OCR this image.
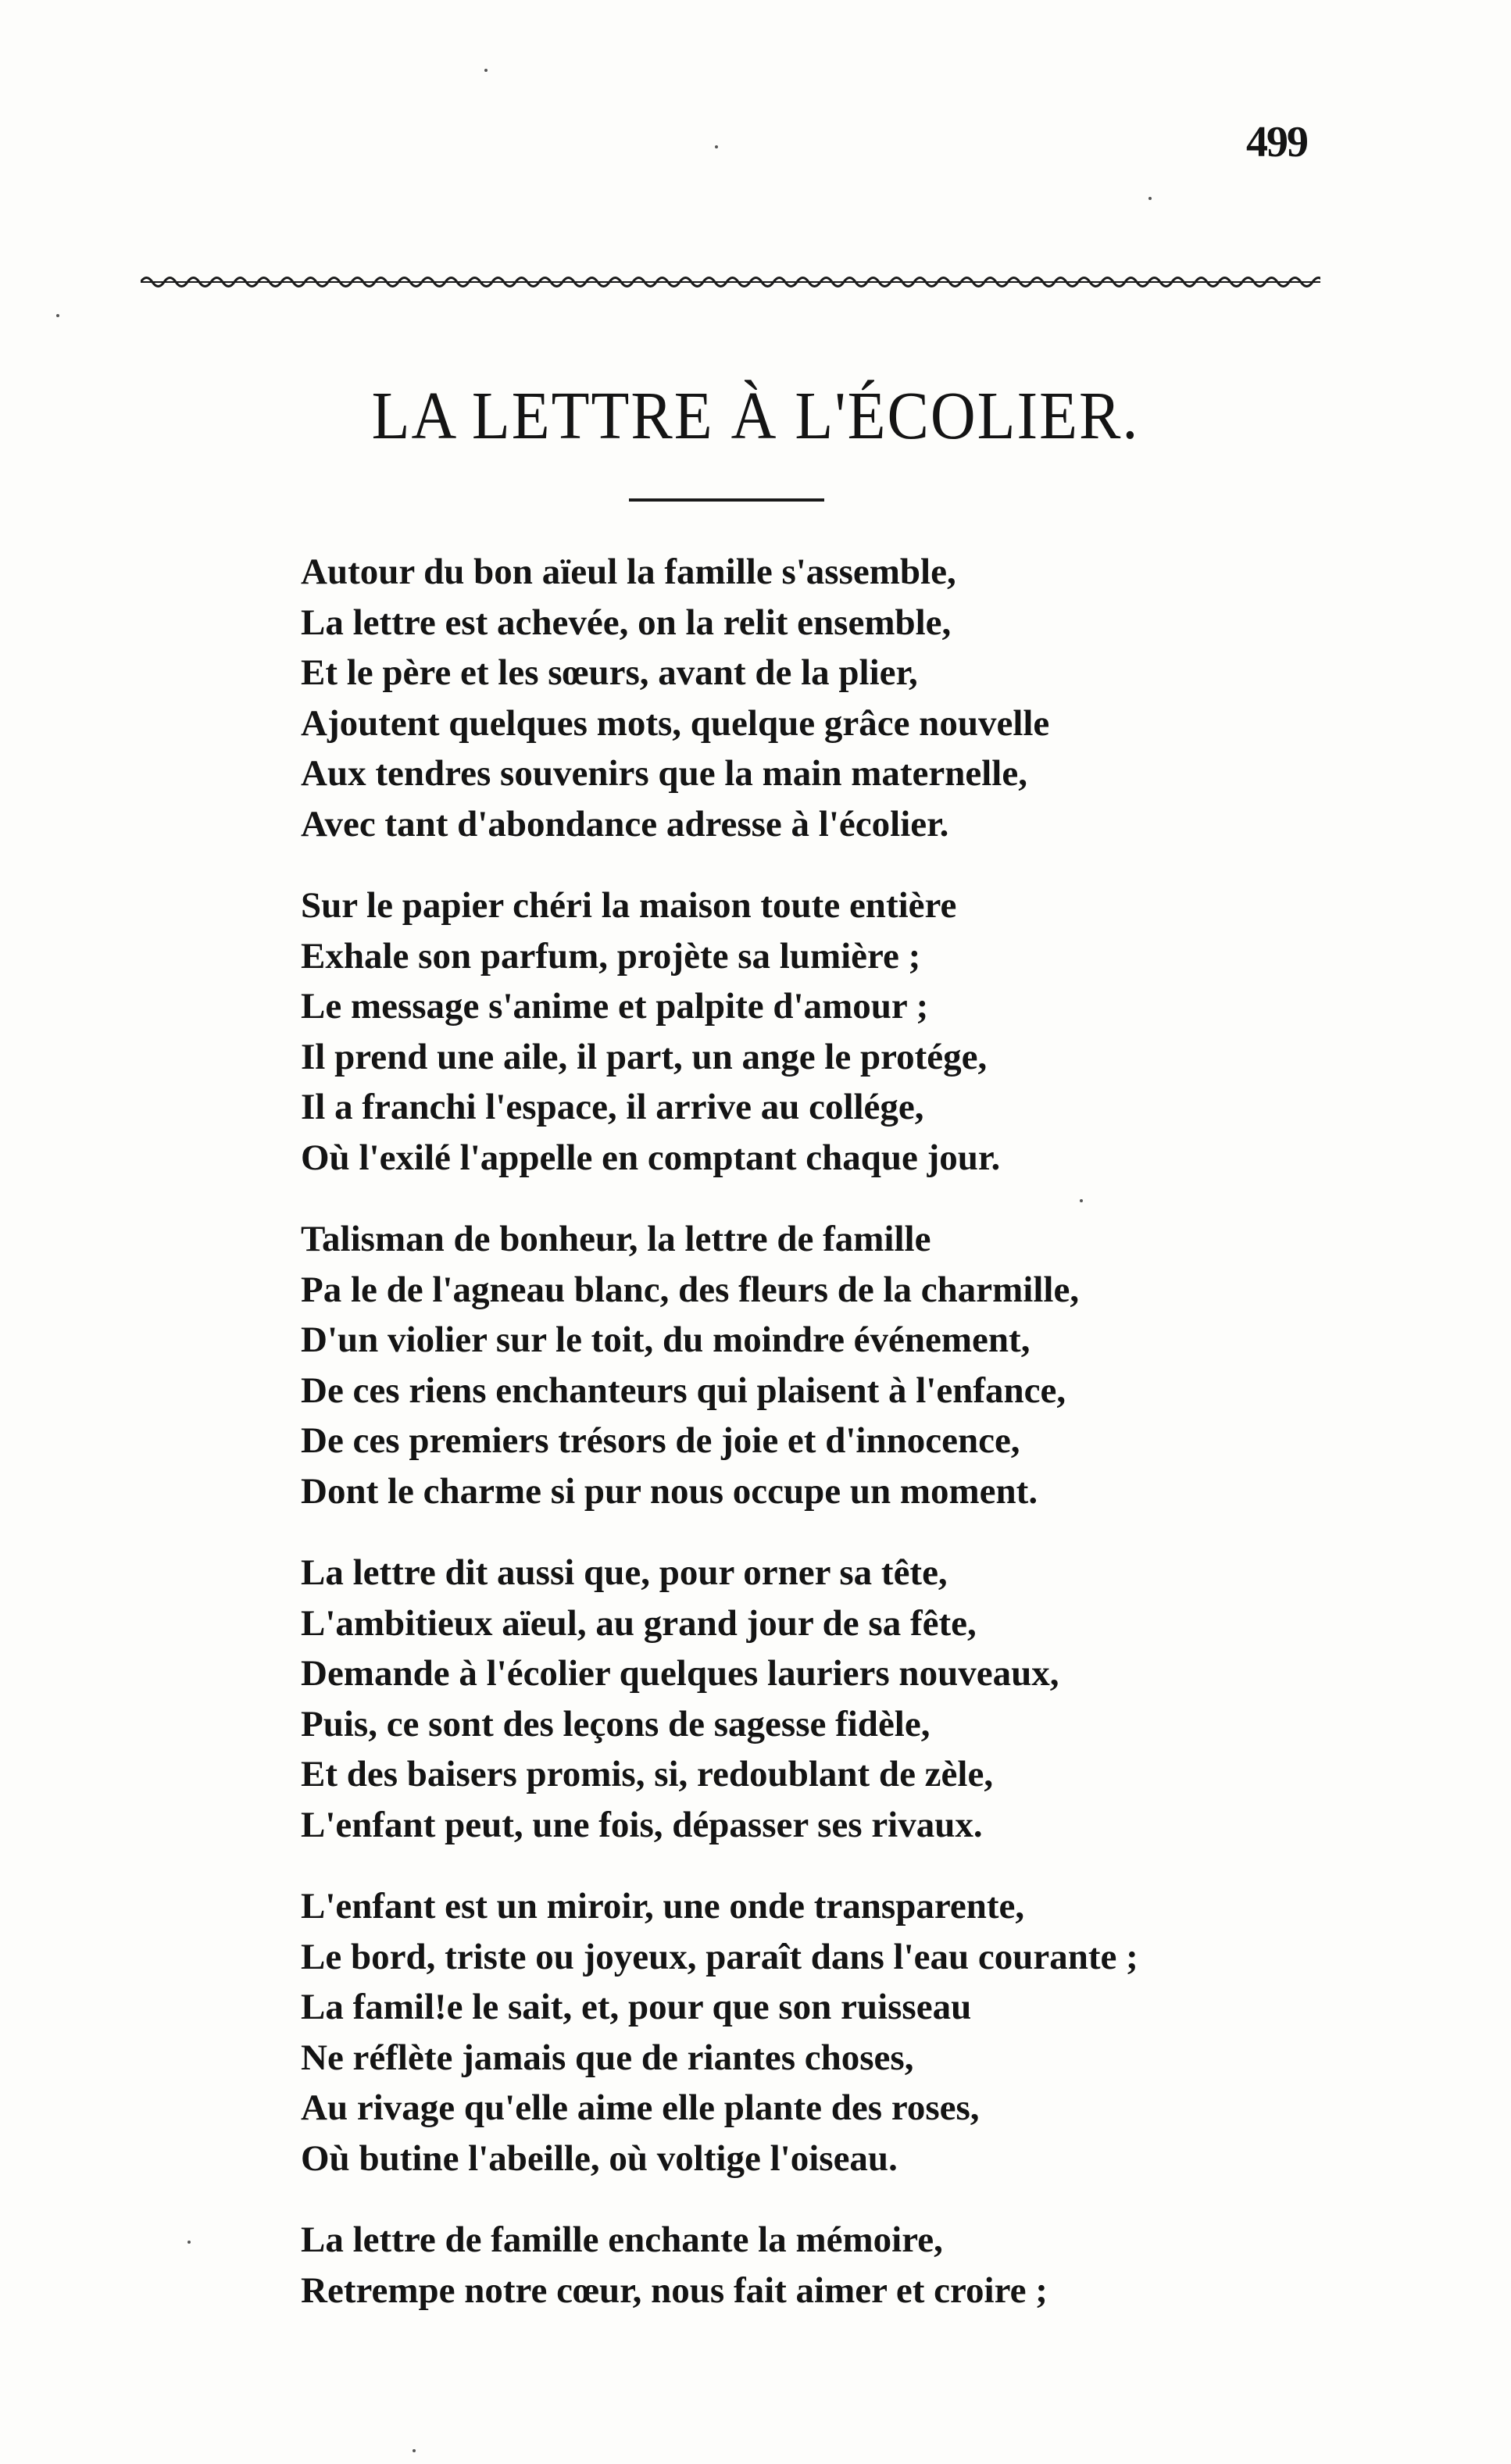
499
LA LETTRE À L'ÉCOLIER.
Autour du bon aïeul la famille s'assemble,
La lettre est achevée, on la relit ensemble,
Et le père et les sœurs, avant de la plier,
Ajoutent quelques mots, quelque grâce nouvelle
Aux tendres souvenirs que la main maternelle,
Avec tant d'abondance adresse à l'écolier.
Sur le papier chéri la maison toute entière
Exhale son parfum, projète sa lumière ;
Le message s'anime et palpite d'amour ;
Il prend une aile, il part, un ange le protége,
Il a franchi l'espace, il arrive au collége,
Où l'exilé l'appelle en comptant chaque jour.
Talisman de bonheur, la lettre de famille
Pa le de l'agneau blanc, des fleurs de la charmille,
D'un violier sur le toit, du moindre événement,
De ces riens enchanteurs qui plaisent à l'enfance,
De ces premiers trésors de joie et d'innocence,
Dont le charme si pur nous occupe un moment.
La lettre dit aussi que, pour orner sa tête,
L'ambitieux aïeul, au grand jour de sa fête,
Demande à l'écolier quelques lauriers nouveaux,
Puis, ce sont des leçons de sagesse fidèle,
Et des baisers promis, si, redoublant de zèle,
L'enfant peut, une fois, dépasser ses rivaux.
L'enfant est un miroir, une onde transparente,
Le bord, triste ou joyeux, paraît dans l'eau courante ;
La famil!e le sait, et, pour que son ruisseau
Ne réflète jamais que de riantes choses,
Au rivage qu'elle aime elle plante des roses,
Où butine l'abeille, où voltige l'oiseau.
La lettre de famille enchante la mémoire,
Retrempe notre cœur, nous fait aimer et croire ;
